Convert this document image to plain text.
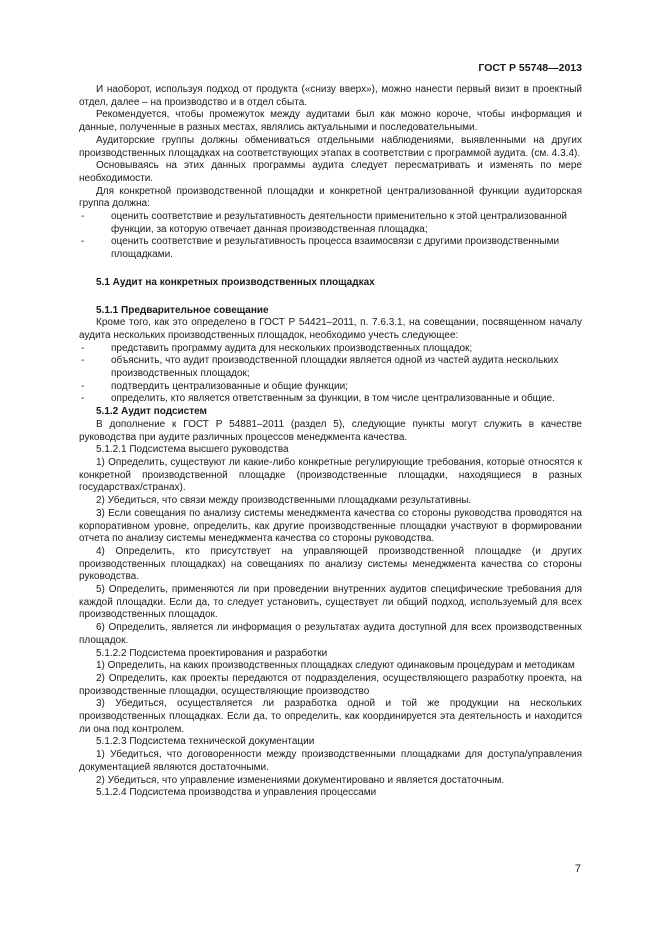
ГОСТ Р 55748—2013

И наоборот, используя подход от продукта («снизу вверх»), можно нанести первый визит в проектный отдел, далее – на производство и в отдел сбыта.

Рекомендуется, чтобы промежуток между аудитами был как можно короче, чтобы информация и данные, полученные в разных местах, являлись актуальными и последовательными.

Аудиторские группы должны обмениваться отдельными наблюдениями, выявленными на других производственных площадках на соответствующих этапах в соответствии с программой аудита. (см. 4.3.4).

Основываясь на этих данных программы аудита следует пересматривать и изменять по мере необходимости.

Для конкретной производственной площадки и конкретной централизованной функции аудиторская группа должна:

-	оценить соответствие и результативность деятельности применительно к этой централизованной функции, за которую отвечает данная производственная площадка;
-	оценить соответствие и результативность процесса взаимосвязи с другими производственными площадками.

5.1 Аудит на конкретных производственных площадках

5.1.1 Предварительное совещание

Кроме того, как это определено в ГОСТ Р 54421–2011, п. 7.6.3.1, на совещании, посвященном началу аудита нескольких производственных площадок, необходимо учесть следующее:

-	представить программу аудита для нескольких производственных площадок;
-	объяснить, что аудит производственной площадки является одной из частей аудита нескольких производственных площадок;
-	подтвердить централизованные и общие функции;
-	определить, кто является ответственным за функции, в том числе централизованные и общие.

5.1.2 Аудит подсистем

В дополнение к ГОСТ Р 54881–2011 (раздел 5), следующие пункты могут служить в качестве руководства при аудите различных процессов менеджмента качества.

5.1.2.1 Подсистема высшего руководства

1) Определить, существуют ли какие-либо конкретные регулирующие требования, которые относятся к конкретной производственной площадке (производственные площадки, находящиеся в разных государствах/странах).

2) Убедиться, что связи между производственными площадками результативны.

3) Если совещания по анализу системы менеджмента качества со стороны руководства проводятся на корпоративном уровне, определить, как другие производственные площадки участвуют в формировании отчета по анализу системы менеджмента качества со стороны руководства.

4) Определить, кто присутствует на управляющей производственной площадке (и других производственных площадках) на совещаниях по анализу системы менеджмента качества со стороны руководства.

5) Определить, применяются ли при проведении внутренних аудитов специфические требования для каждой площадки. Если да, то следует установить, существует ли общий подход, используемый для всех производственных площадок.

6) Определить, является ли информация о результатах аудита доступной для всех производственных площадок.

5.1.2.2 Подсистема проектирования и разработки

1) Определить, на каких производственных площадках следуют одинаковым процедурам и методикам

2) Определить, как проекты передаются от подразделения, осуществляющего разработку проекта, на производственные площадки, осуществляющие производство

3) Убедиться, осуществляется ли разработка одной и той же продукции на нескольких производственных площадках. Если да, то определить, как координируется эта деятельность и находится ли она под контролем.

5.1.2.3 Подсистема технической документации

1) Убедиться, что договоренности между производственными площадками для доступа/управления документацией являются достаточными.

2) Убедиться, что управление изменениями документировано и является достаточным.

5.1.2.4 Подсистема производства и управления процессами

7
